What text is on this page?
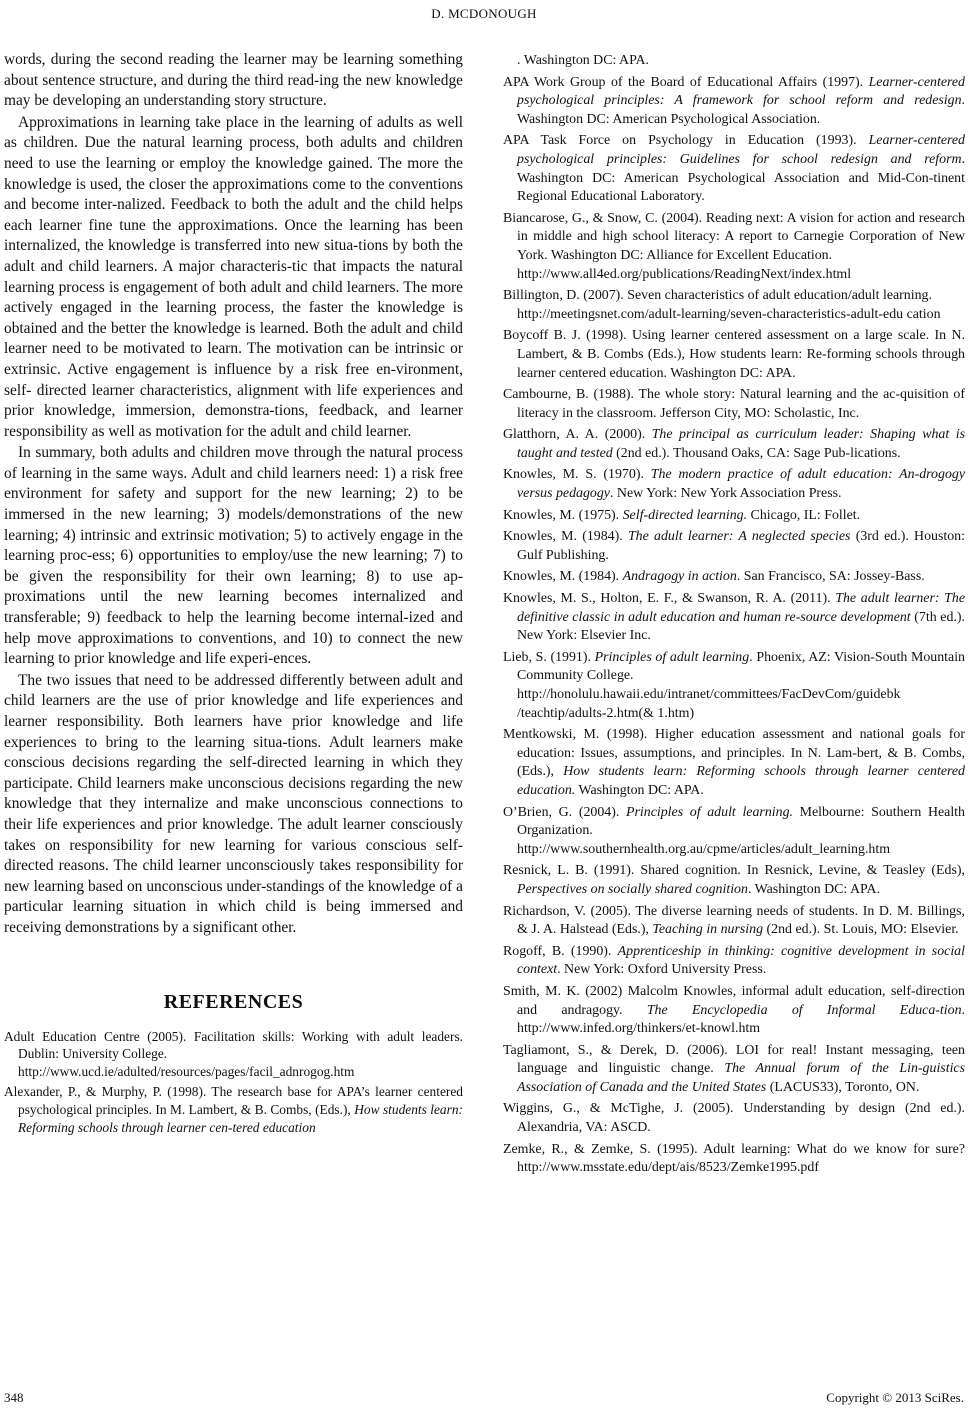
D. MCDONOUGH

words, during the second reading the learner may be learning something about sentence structure, and during the third read-ing the new knowledge may be developing an understanding story structure.

Approximations in learning take place in the learning of adults as well as children. Due the natural learning process, both adults and children need to use the learning or employ the knowledge gained. The more the knowledge is used, the closer the approximations come to the conventions and become inter-nalized. Feedback to both the adult and the child helps each learner fine tune the approximations. Once the learning has been internalized, the knowledge is transferred into new situa-tions by both the adult and child learners. A major characteris-tic that impacts the natural learning process is engagement of both adult and child learners. The more actively engaged in the learning process, the faster the knowledge is obtained and the better the knowledge is learned. Both the adult and child learner need to be motivated to learn. The motivation can be intrinsic or extrinsic. Active engagement is influence by a risk free en-vironment, self- directed learner characteristics, alignment with life experiences and prior knowledge, immersion, demonstra-tions, feedback, and learner responsibility as well as motivation for the adult and child learner.

In summary, both adults and children move through the natural process of learning in the same ways. Adult and child learners need: 1) a risk free environment for safety and support for the new learning; 2) to be immersed in the new learning; 3) models/demonstrations of the new learning; 4) intrinsic and extrinsic motivation; 5) to actively engage in the learning proc-ess; 6) opportunities to employ/use the new learning; 7) to be given the responsibility for their own learning; 8) to use ap-proximations until the new learning becomes internalized and transferable; 9) feedback to help the learning become internal-ized and help move approximations to conventions, and 10) to connect the new learning to prior knowledge and life experi-ences.

The two issues that need to be addressed differently between adult and child learners are the use of prior knowledge and life experiences and learner responsibility. Both learners have prior knowledge and life experiences to bring to the learning situa-tions. Adult learners make conscious decisions regarding the self-directed learning in which they participate. Child learners make unconscious decisions regarding the new knowledge that they internalize and make unconscious connections to their life experiences and prior knowledge. The adult learner consciously takes on responsibility for new learning for various conscious self-directed reasons. The child learner unconsciously takes responsibility for new learning based on unconscious under-standings of the knowledge of a particular learning situation in which child is being immersed and receiving demonstrations by a significant other.

REFERENCES

Adult Education Centre (2005). Facilitation skills: Working with adult leaders. Dublin: University College.
http://www.ucd.ie/adulted/resources/pages/facil_adnrogog.htm

Alexander, P., & Murphy, P. (1998). The research base for APA’s learner centered psychological principles. In M. Lambert, & B. Combs, (Eds.), How students learn: Reforming schools through learner cen-tered education

. Washington DC: APA.

APA Work Group of the Board of Educational Affairs (1997). Learner-centered psychological principles: A framework for school reform and redesign. Washington DC: American Psychological Association.

APA Task Force on Psychology in Education (1993). Learner-centered psychological principles: Guidelines for school redesign and reform. Washington DC: American Psychological Association and Mid-Con-tinent Regional Educational Laboratory.

Biancarose, G., & Snow, C. (2004). Reading next: A vision for action and research in middle and high school literacy: A report to Carnegie Corporation of New York. Washington DC: Alliance for Excellent Education.
http://www.all4ed.org/publications/ReadingNext/index.html

Billington, D. (2007). Seven characteristics of adult education/adult learning.
http://meetingsnet.com/adult-learning/seven-characteristics-adult-edu cation

Boycoff B. J. (1998). Using learner centered assessment on a large scale. In N. Lambert, & B. Combs (Eds.), How students learn: Re-forming schools through learner centered education. Washington DC: APA.

Cambourne, B. (1988). The whole story: Natural learning and the ac-quisition of literacy in the classroom. Jefferson City, MO: Scholastic, Inc.

Glatthorn, A. A. (2000). The principal as curriculum leader: Shaping what is taught and tested (2nd ed.). Thousand Oaks, CA: Sage Pub-lications.

Knowles, M. S. (1970). The modern practice of adult education: An-drogogy versus pedagogy. New York: New York Association Press.

Knowles, M. (1975). Self-directed learning. Chicago, IL: Follet.

Knowles, M. (1984). The adult learner: A neglected species (3rd ed.). Houston: Gulf Publishing.

Knowles, M. (1984). Andragogy in action. San Francisco, SA: Jossey-Bass.

Knowles, M. S., Holton, E. F., & Swanson, R. A. (2011). The adult learner: The definitive classic in adult education and human re-source development (7th ed.). New York: Elsevier Inc.

Lieb, S. (1991). Principles of adult learning. Phoenix, AZ: Vision-South Mountain Community College.
http://honolulu.hawaii.edu/intranet/committees/FacDevCom/guidebk /teachtip/adults-2.htm(& 1.htm)

Mentkowski, M. (1998). Higher education assessment and national goals for education: Issues, assumptions, and principles. In N. Lam-bert, & B. Combs, (Eds.), How students learn: Reforming schools through learner centered education. Washington DC: APA.

O’Brien, G. (2004). Principles of adult learning. Melbourne: Southern Health Organization.
http://www.southernhealth.org.au/cpme/articles/adult_learning.htm

Resnick, L. B. (1991). Shared cognition. In Resnick, Levine, & Teasley (Eds), Perspectives on socially shared cognition. Washington DC: APA.

Richardson, V. (2005). The diverse learning needs of students. In D. M. Billings, & J. A. Halstead (Eds.), Teaching in nursing (2nd ed.). St. Louis, MO: Elsevier.

Rogoff, B. (1990). Apprenticeship in thinking: cognitive development in social context. New York: Oxford University Press.

Smith, M. K. (2002) Malcolm Knowles, informal adult education, self-direction and andragogy. The Encyclopedia of Informal Educa-tion. http://www.infed.org/thinkers/et-knowl.htm

Tagliamont, S., & Derek, D. (2006). LOI for real! Instant messaging, teen language and linguistic change. The Annual forum of the Lin-guistics Association of Canada and the United States (LACUS33), Toronto, ON.

Wiggins, G., & McTighe, J. (2005). Understanding by design (2nd ed.). Alexandria, VA: ASCD.

Zemke, R., & Zemke, S. (1995). Adult learning: What do we know for sure? http://www.msstate.edu/dept/ais/8523/Zemke1995.pdf

348	Copyright © 2013 SciRes.
